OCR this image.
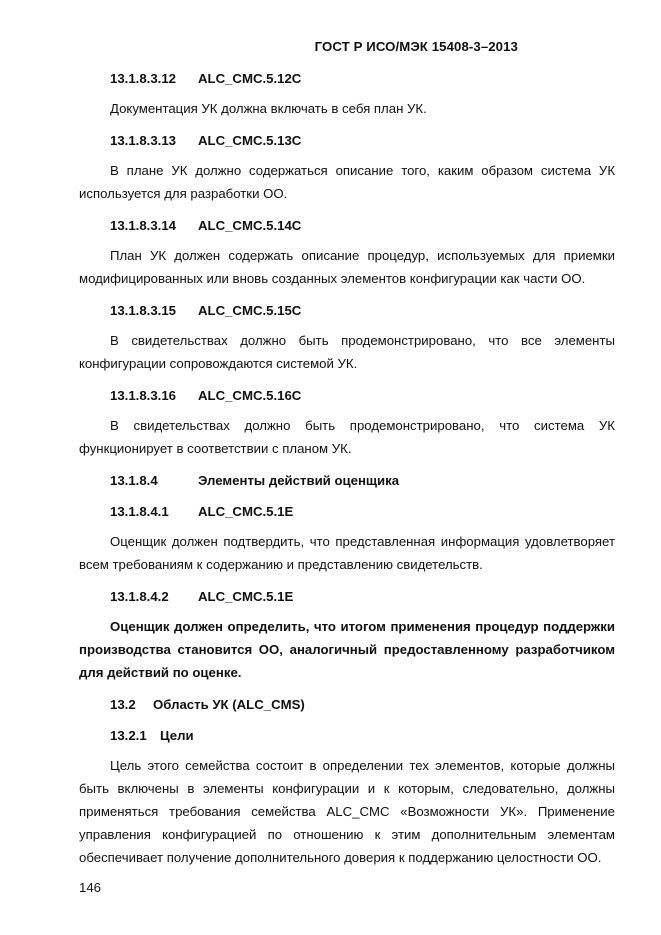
ГОСТ Р ИСО/МЭК 15408-3–2013
13.1.8.3.12 ALC_CMC.5.12C

Документация УК должна включать в себя план УК.

13.1.8.3.13 ALC_CMC.5.13C

В плане УК должно содержаться описание того, каким образом система УК используется для разработки ОО.

13.1.8.3.14 ALC_CMC.5.14C

План УК должен содержать описание процедур, используемых для приемки модифицированных или вновь созданных элементов конфигурации как части ОО.

13.1.8.3.15 ALC_CMC.5.15C

В свидетельствах должно быть продемонстрировано, что все элементы конфигурации сопровождаются системой УК.

13.1.8.3.16 ALC_CMC.5.16C

В свидетельствах должно быть продемонстрировано, что система УК функционирует в соответствии с планом УК.

13.1.8.4	Элементы действий оценщика
13.1.8.4.1 ALC_CMC.5.1E

Оценщик должен подтвердить, что представленная информация удовлетворяет всем требованиям к содержанию и представлению свидетельств.

13.1.8.4.2 ALC_CMC.5.1E

Оценщик должен определить, что итогом применения процедур поддержки производства становится ОО, аналогичный предоставленному разработчиком для действий по оценке.

13.2 Область УК (ALC_CMS)
13.2.1 Цели

Цель этого семейства состоит в определении тех элементов, которые должны быть включены в элементы конфигурации и к которым, следовательно, должны применяться требования семейства ALC_CMC «Возможности УК». Применение управления конфигурацией по отношению к этим дополнительным элементам обеспечивает получение дополнительного доверия к поддержанию целостности ОО.

146
